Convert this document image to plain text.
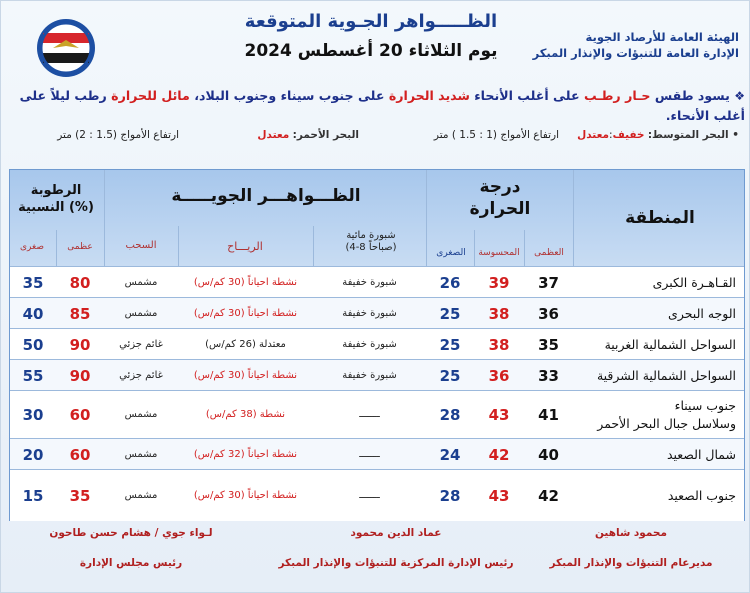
الظـــــواهر الجـوية المتوقعة
يوم الثلاثاء 20 أغسطس 2024
الهيئة العامة للأرصاد الجوية
الإدارة العامة للتنبؤات والإنذار المبكر
❖ يسود طقس حـار رطـب على أغلب الأنحاء شديد الحرارة على جنوب سيناء وجنوب البلاد، مائل للحرارة رطب ليلاً على أغلب الأنحاء.
• البحر المتوسط: خفيف:معتدل
ارتفاع الأمواج (1 : 1.5 ) متر
البحر الأحمر: معتدل
ارتفاع الأمواج (1.5 : 2) متر
المنطقة
درجة
الحرارة
العظمى
المحسوسة
الصغرى
الظـــواهـــر الجويـــــة
شبورة مائية
(4-8 صباحاً)
الريـــاح
السحب
الرطوبة
النسبية (%)
عظمى
صغرى
القـاهـرة الكبرى
37
39
26
شبورة خفيفة
نشطة احياناً (30 كم/س)
مشمس
80
35
الوجه البحرى
36
38
25
شبورة خفيفة
نشطة احياناً (30 كم/س)
مشمس
85
40
السواحل الشمالية الغربية
35
38
25
شبورة خفيفة
معتدلة (26 كم/س)
غائم جزئي
90
50
السواحل الشمالية الشرقية
33
36
25
شبورة خفيفة
نشطة احياناً (30 كم/س)
غائم جزئي
90
55
جنوب سيناء
وسلاسل جبال البحر الأحمر
41
43
28
ـــــــ
نشطة (38 كم/س)
مشمس
60
30
شمال الصعيد
40
42
24
ـــــــ
نشطة احياناً (32 كم/س)
مشمس
60
20
جنوب الصعيد
42
43
28
ـــــــ
نشطة احياناً (30 كم/س)
مشمس
35
15
محمود شاهين
مديرعام التنبؤات والإنذار المبكر
عماد الدين محمود
رئيس الإدارة المركزية للتنبؤات والإنذار المبكر
لـواء جوي / هشام حسن طاحون
رئيس مجلس الإدارة
